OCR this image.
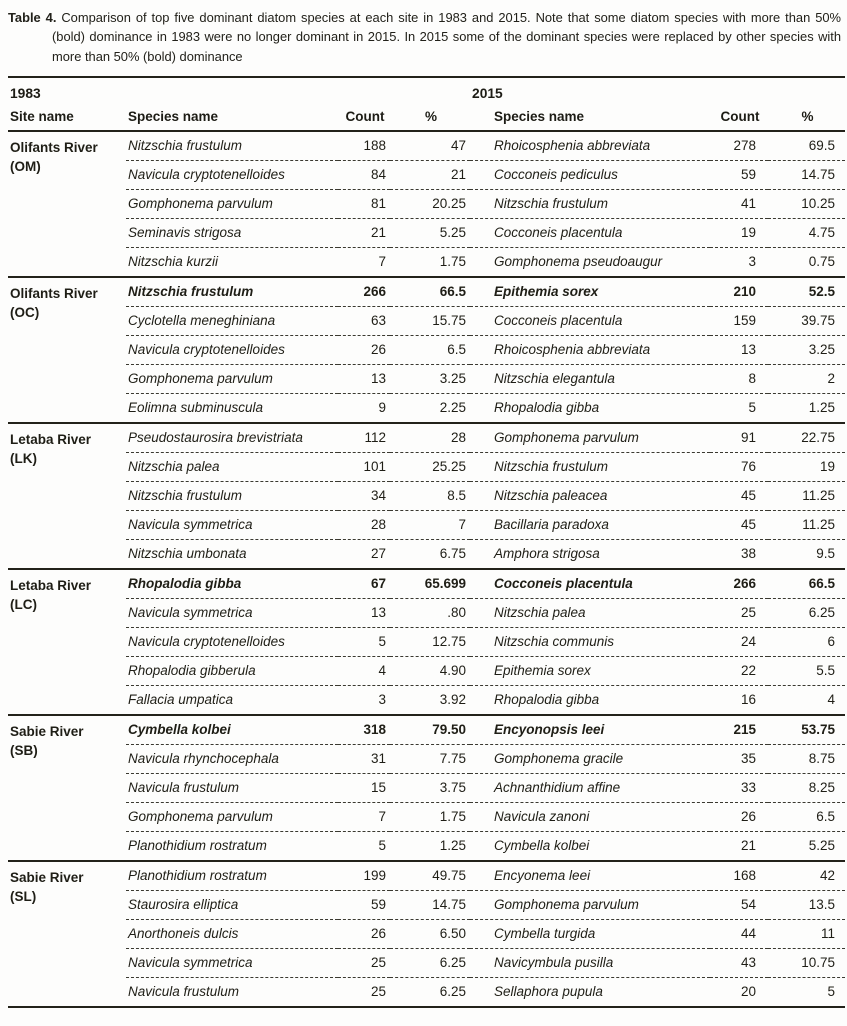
Table 4. Comparison of top five dominant diatom species at each site in 1983 and 2015. Note that some diatom species with more than 50% (bold) dominance in 1983 were no longer dominant in 2015. In 2015 some of the dominant species were replaced by other species with more than 50% (bold) dominance

1983				2015		
Site name	Species name	Count	%	Species name	Count	%

Olifants River
(OM)	Nitzschia frustulum	188	47	Rhoicosphenia abbreviata	278	69.5
	Navicula cryptotenelloides	84	21	Cocconeis pediculus	59	14.75
	Gomphonema parvulum	81	20.25	Nitzschia frustulum	41	10.25
	Seminavis strigosa	21	5.25	Cocconeis placentula	19	4.75
	Nitzschia kurzii	7	1.75	Gomphonema pseudoaugur	3	0.75

Olifants River
(OC)	Nitzschia frustulum	266	66.5	Epithemia sorex	210	52.5
	Cyclotella meneghiniana	63	15.75	Cocconeis placentula	159	39.75
	Navicula cryptotenelloides	26	6.5	Rhoicosphenia abbreviata	13	3.25
	Gomphonema parvulum	13	3.25	Nitzschia elegantula	8	2
	Eolimna subminuscula	9	2.25	Rhopalodia gibba	5	1.25

Letaba River
(LK)	Pseudostaurosira brevistriata	112	28	Gomphonema parvulum	91	22.75
	Nitzschia palea	101	25.25	Nitzschia frustulum	76	19
	Nitzschia frustulum	34	8.5	Nitzschia paleacea	45	11.25
	Navicula symmetrica	28	7	Bacillaria paradoxa	45	11.25
	Nitzschia umbonata	27	6.75	Amphora strigosa	38	9.5

Letaba River
(LC)	Rhopalodia gibba	67	65.699	Cocconeis placentula	266	66.5
	Navicula symmetrica	13	.80	Nitzschia palea	25	6.25
	Navicula cryptotenelloides	5	12.75	Nitzschia communis	24	6
	Rhopalodia gibberula	4	4.90	Epithemia sorex	22	5.5
	Fallacia umpatica	3	3.92	Rhopalodia gibba	16	4

Sabie River
(SB)	Cymbella kolbei	318	79.50	Encyonopsis leei	215	53.75
	Navicula rhynchocephala	31	7.75	Gomphonema gracile	35	8.75
	Navicula frustulum	15	3.75	Achnanthidium affine	33	8.25
	Gomphonema parvulum	7	1.75	Navicula zanoni	26	6.5
	Planothidium rostratum	5	1.25	Cymbella kolbei	21	5.25

Sabie River
(SL)	Planothidium rostratum	199	49.75	Encyonema leei	168	42
	Staurosira elliptica	59	14.75	Gomphonema parvulum	54	13.5
	Anorthoneis dulcis	26	6.50	Cymbella turgida	44	11
	Navicula symmetrica	25	6.25	Navicymbula pusilla	43	10.75
	Navicula frustulum	25	6.25	Sellaphora pupula	20	5
